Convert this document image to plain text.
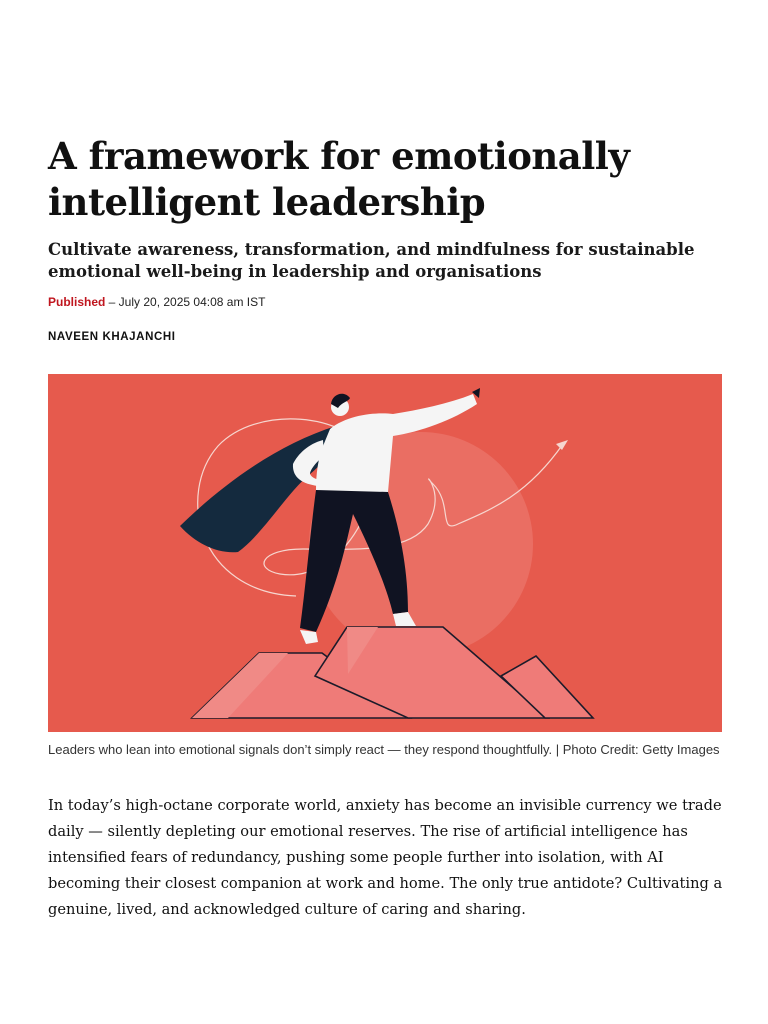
A framework for emotionally intelligent leadership
Cultivate awareness, transformation, and mindfulness for sustainable emotional well-being in leadership and organisations
Published – July 20, 2025 04:08 am IST
NAVEEN KHAJANCHI
Leaders who lean into emotional signals don’t simply react — they respond thoughtfully. | Photo Credit: Getty Images

In today’s high-octane corporate world, anxiety has become an invisible currency we trade daily — silently depleting our emotional reserves. The rise of artificial intelligence has intensified fears of redundancy, pushing some people further into isolation, with AI becoming their closest companion at work and home. The only true antidote? Cultivating a genuine, lived, and acknowledged culture of caring and sharing.
